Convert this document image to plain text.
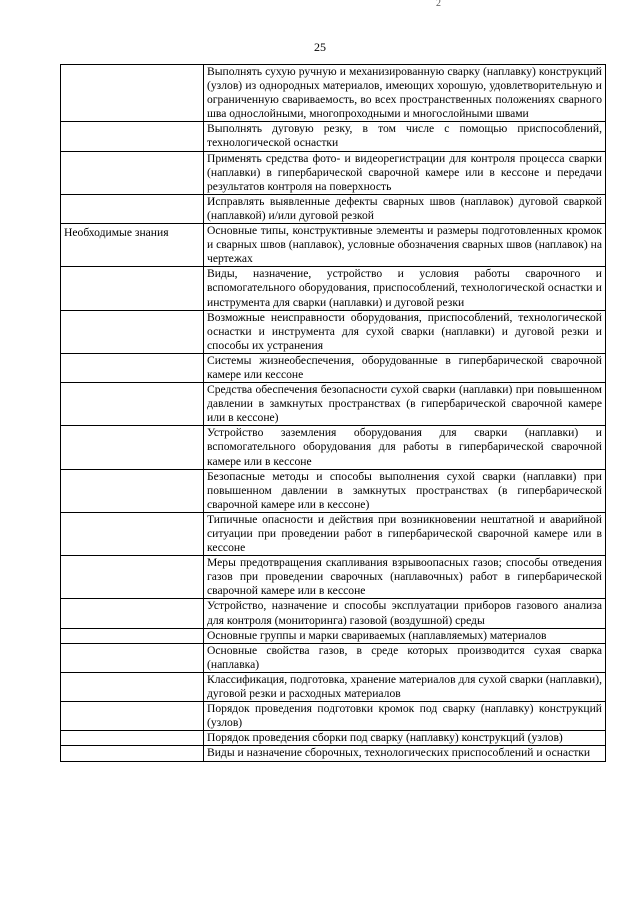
2
25
	Выполнять сухую ручную и механизированную сварку (наплавку) конструкций (узлов) из однородных материалов, имеющих хорошую, удовлетворительную и ограниченную свариваемость, во всех пространственных положениях сварного шва однослойными, многопроходными и многослойными швами

	Выполнять дуговую резку, в том числе с помощью приспособлений, технологической оснастки

	Применять средства фото- и видеорегистрации для контроля процесса сварки (наплавки) в гипербарической сварочной камере или в кессоне и передачи результатов контроля на поверхность

	Исправлять выявленные дефекты сварных швов (наплавок) дуговой сваркой (наплавкой) и/или дуговой резкой

Необходимые знания	Основные типы, конструктивные элементы и размеры подготовленных кромок и сварных швов (наплавок), условные обозначения сварных швов (наплавок) на чертежах

	Виды, назначение, устройство и условия работы сварочного и вспомогательного оборудования, приспособлений, технологической оснастки и инструмента для сварки (наплавки) и дуговой резки

	Возможные неисправности оборудования, приспособлений, технологической оснастки и инструмента для сухой сварки (наплавки) и дуговой резки и способы их устранения

	Системы жизнеобеспечения, оборудованные в гипербарической сварочной камере или кессоне

	Средства обеспечения безопасности сухой сварки (наплавки) при повышенном давлении в замкнутых пространствах (в гипербарической сварочной камере или в кессоне)

	Устройство заземления оборудования для сварки (наплавки) и вспомогательного оборудования для работы в гипербарической сварочной камере или в кессоне

	Безопасные методы и способы выполнения сухой сварки (наплавки) при повышенном давлении в замкнутых пространствах (в гипербарической сварочной камере или в кессоне)

	Типичные опасности и действия при возникновении нештатной и аварийной ситуации при проведении работ в гипербарической сварочной камере или в кессоне

	Меры предотвращения скапливания взрывоопасных газов; способы отведения газов при проведении сварочных (наплавочных) работ в гипербарической сварочной камере или в кессоне

	Устройство, назначение и способы эксплуатации приборов газового анализа для контроля (мониторинга) газовой (воздушной) среды

	Основные группы и марки свариваемых (наплавляемых) материалов

	Основные свойства газов, в среде которых производится сухая сварка (наплавка)

	Классификация, подготовка, хранение материалов для сухой сварки (наплавки), дуговой резки и расходных материалов

	Порядок проведения подготовки кромок под сварку (наплавку) конструкций (узлов)

	Порядок проведения сборки под сварку (наплавку) конструкций (узлов)

	Виды и назначение сборочных, технологических приспособлений и оснастки
